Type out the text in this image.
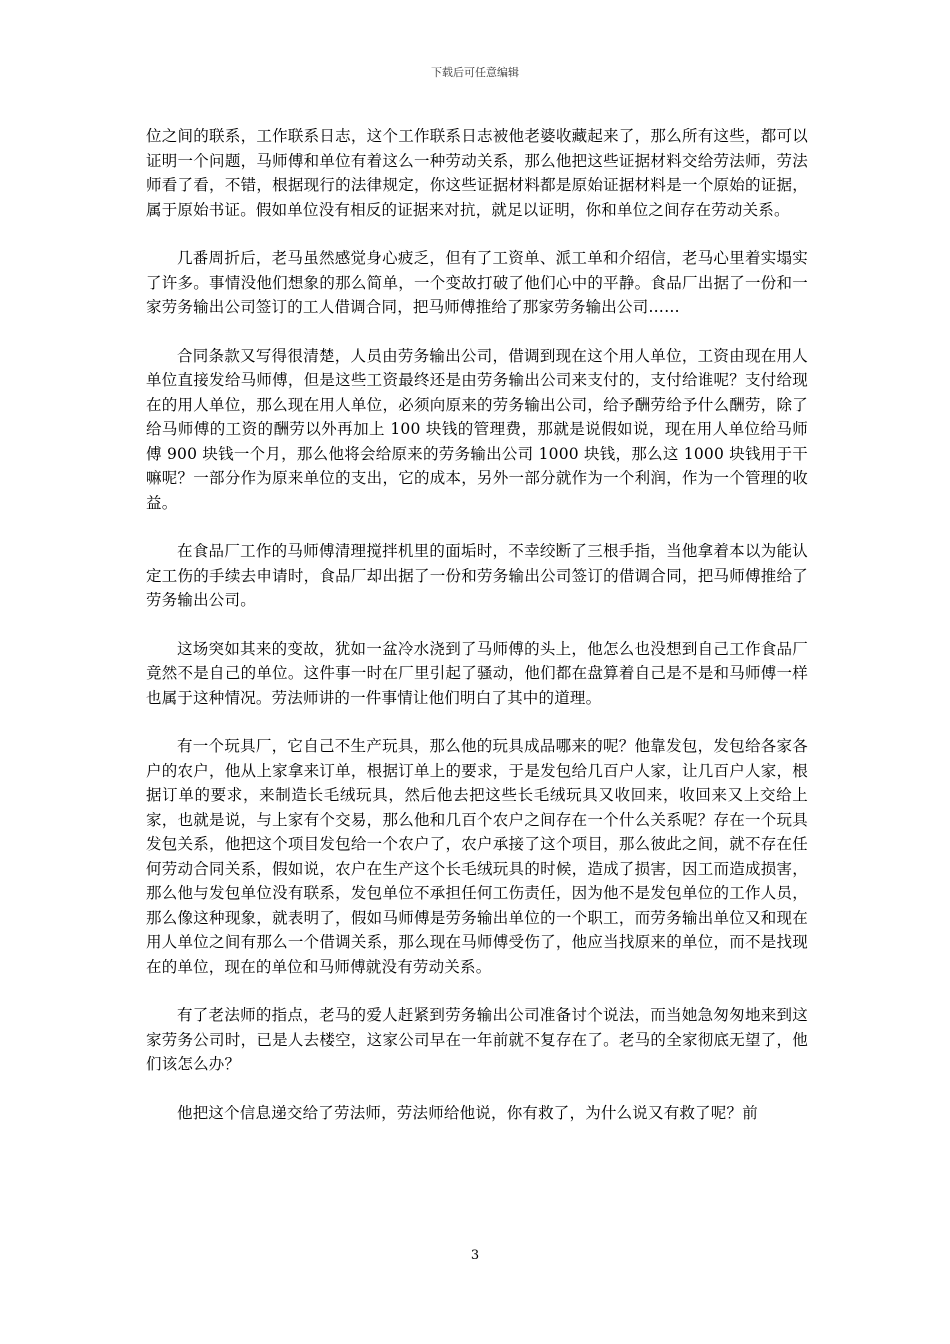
下载后可任意编辑

位之间的联系，工作联系日志，这个工作联系日志被他老婆收藏起来了，那么所有这些，都可以证明一个问题，马师傅和单位有着这么一种劳动关系，那么他把这些证据材料交给劳法师，劳法师看了看，不错，根据现行的法律规定，你这些证据材料都是原始证据材料是一个原始的证据，属于原始书证。假如单位没有相反的证据来对抗，就足以证明，你和单位之间存在劳动关系。

几番周折后，老马虽然感觉身心疲乏，但有了工资单、派工单和介绍信，老马心里着实塌实了许多。事情没他们想象的那么简单，一个变故打破了他们心中的平静。食品厂出据了一份和一家劳务输出公司签订的工人借调合同，把马师傅推给了那家劳务输出公司……

合同条款又写得很清楚，人员由劳务输出公司，借调到现在这个用人单位，工资由现在用人单位直接发给马师傅，但是这些工资最终还是由劳务输出公司来支付的，支付给谁呢？支付给现在的用人单位，那么现在用人单位，必须向原来的劳务输出公司，给予酬劳给予什么酬劳，除了给马师傅的工资的酬劳以外再加上 100 块钱的管理费，那就是说假如说，现在用人单位给马师傅 900 块钱一个月，那么他将会给原来的劳务输出公司 1000 块钱，那么这 1000 块钱用于干嘛呢？一部分作为原来单位的支出，它的成本，另外一部分就作为一个利润，作为一个管理的收益。

在食品厂工作的马师傅清理搅拌机里的面垢时，不幸绞断了三根手指，当他拿着本以为能认定工伤的手续去申请时，食品厂却出据了一份和劳务输出公司签订的借调合同，把马师傅推给了劳务输出公司。

这场突如其来的变故，犹如一盆冷水浇到了马师傅的头上，他怎么也没想到自己工作食品厂竟然不是自己的单位。这件事一时在厂里引起了骚动，他们都在盘算着自己是不是和马师傅一样也属于这种情况。劳法师讲的一件事情让他们明白了其中的道理。

有一个玩具厂，它自己不生产玩具，那么他的玩具成品哪来的呢？他靠发包，发包给各家各户的农户，他从上家拿来订单，根据订单上的要求，于是发包给几百户人家，让几百户人家，根据订单的要求，来制造长毛绒玩具，然后他去把这些长毛绒玩具又收回来，收回来又上交给上家，也就是说，与上家有个交易，那么他和几百个农户之间存在一个什么关系呢？存在一个玩具发包关系，他把这个项目发包给一个农户了，农户承接了这个项目，那么彼此之间，就不存在任何劳动合同关系，假如说，农户在生产这个长毛绒玩具的时候，造成了损害，因工而造成损害，那么他与发包单位没有联系，发包单位不承担任何工伤责任，因为他不是发包单位的工作人员，那么像这种现象，就表明了，假如马师傅是劳务输出单位的一个职工，而劳务输出单位又和现在用人单位之间有那么一个借调关系，那么现在马师傅受伤了，他应当找原来的单位，而不是找现在的单位，现在的单位和马师傅就没有劳动关系。

有了老法师的指点，老马的爱人赶紧到劳务输出公司准备讨个说法，而当她急匆匆地来到这家劳务公司时，已是人去楼空，这家公司早在一年前就不复存在了。老马的全家彻底无望了，他们该怎么办？

他把这个信息递交给了劳法师，劳法师给他说，你有救了，为什么说又有救了呢？前

3
